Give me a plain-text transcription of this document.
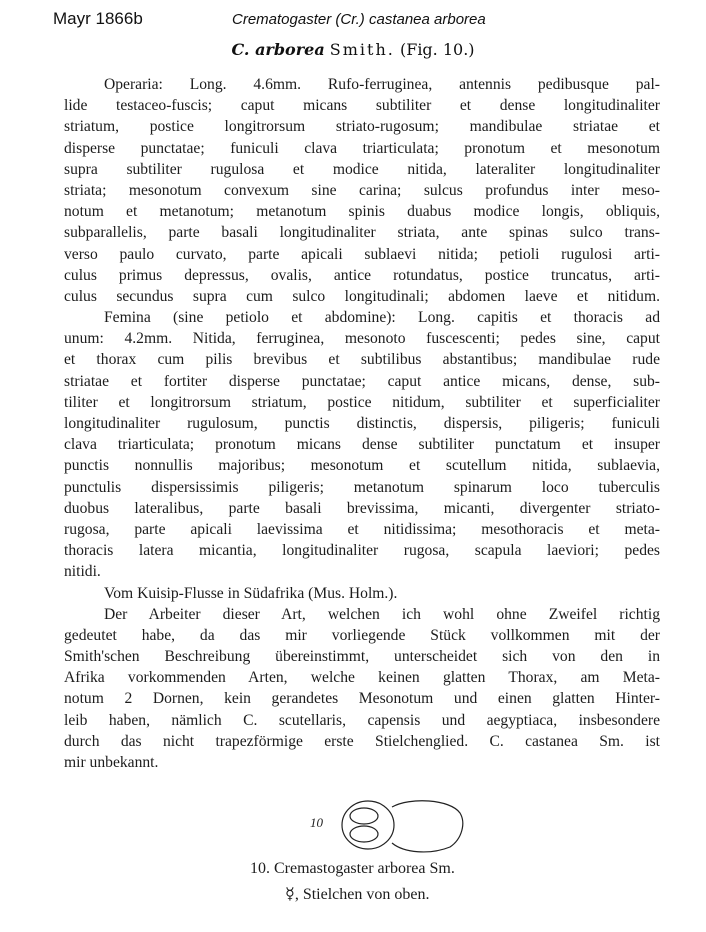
Mayr 1866b	Crematogaster (Cr.) castanea arborea
C. arborea Smith. (Fig. 10.)
Operaria: Long. 4.6mm. Rufo-ferruginea, antennis pedibusque pal-
lide testaceo-fuscis; caput micans subtiliter et dense longitudinaliter
striatum, postice longitrorsum striato-rugosum; mandibulae striatae et
disperse punctatae; funiculi clava triarticulata; pronotum et mesonotum
supra subtiliter rugulosa et modice nitida, lateraliter longitudinaliter
striata; mesonotum convexum sine carina; sulcus profundus inter meso-
notum et metanotum; metanotum spinis duabus modice longis, obliquis,
subparallelis, parte basali longitudinaliter striata, ante spinas sulco trans-
verso paulo curvato, parte apicali sublaevi nitida; petioli rugulosi arti-
culus primus depressus, ovalis, antice rotundatus, postice truncatus, arti-
culus secundus supra cum sulco longitudinali; abdomen laeve et nitidum.
Femina (sine petiolo et abdomine): Long. capitis et thoracis ad
unum: 4.2mm. Nitida, ferruginea, mesonoto fuscescenti; pedes sine, caput
et thorax cum pilis brevibus et subtilibus abstantibus; mandibulae rude
striatae et fortiter disperse punctatae; caput antice micans, dense, sub-
tiliter et longitrorsum striatum, postice nitidum, subtiliter et superficialiter
longitudinaliter rugulosum, punctis distinctis, dispersis, piligeris; funiculi
clava triarticulata; pronotum micans dense subtiliter punctatum et insuper
punctis nonnullis majoribus; mesonotum et scutellum nitida, sublaevia,
punctulis dispersissimis piligeris; metanotum spinarum loco tuberculis
duobus lateralibus, parte basali brevissima, micanti, divergenter striato-
rugosa, parte apicali laevissima et nitidissima; mesothoracis et meta-
thoracis latera micantia, longitudinaliter rugosa, scapula laeviori; pedes
nitidi.
Vom Kuisip-Flusse in Südafrika (Mus. Holm.).
Der Arbeiter dieser Art, welchen ich wohl ohne Zweifel richtig
gedeutet habe, da das mir vorliegende Stück vollkommen mit der
Smith'schen Beschreibung übereinstimmt, unterscheidet sich von den in
Afrika vorkommenden Arten, welche keinen glatten Thorax, am Meta-
notum 2 Dornen, kein gerandetes Mesonotum und einen glatten Hinter-
leib haben, nämlich C. scutellaris, capensis und aegyptiaca, insbesondere
durch das nicht trapezförmige erste Stielchenglied. C. castanea Sm. ist
mir unbekannt.
10
10. Cremastogaster arborea Sm.
☿, Stielchen von oben.
